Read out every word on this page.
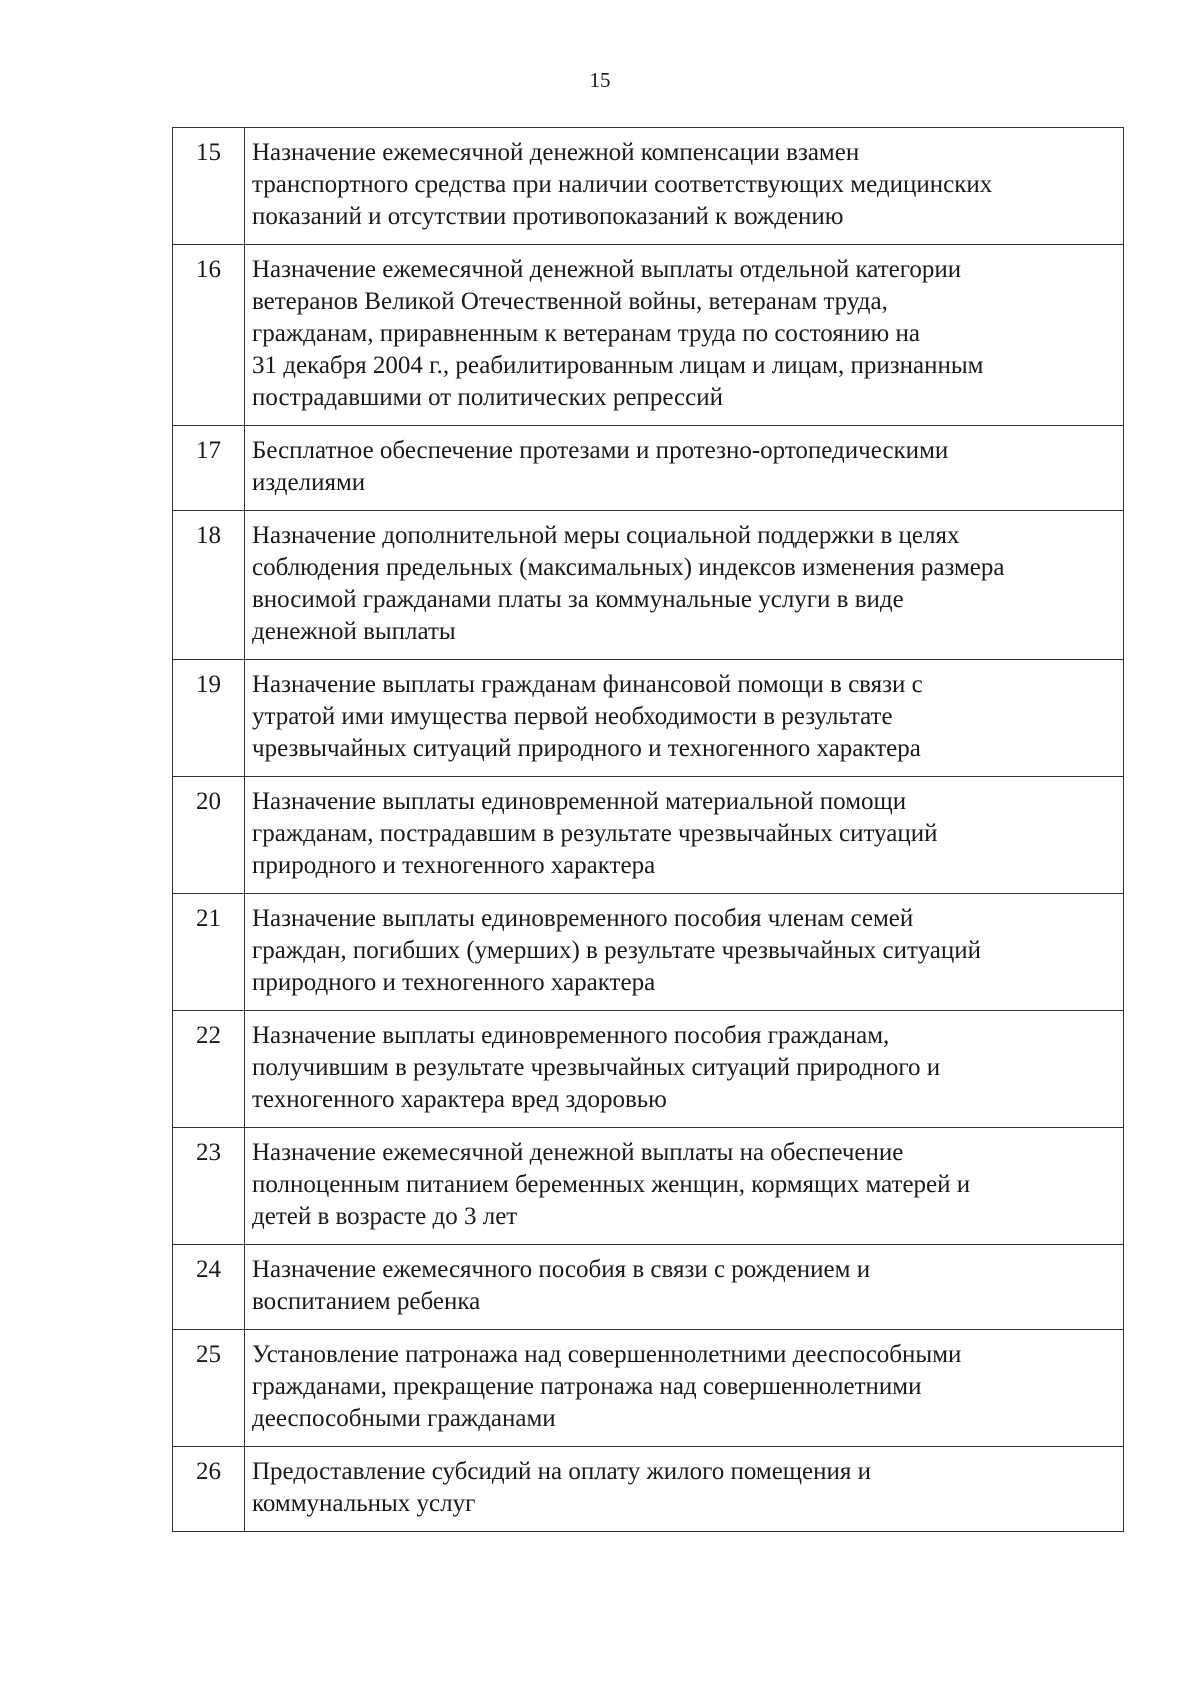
15
15	Назначение ежемесячной денежной компенсации взамен
транспортного средства при наличии соответствующих медицинских
показаний и отсутствии противопоказаний к вождению

16	Назначение ежемесячной денежной выплаты отдельной категории
ветеранов Великой Отечественной войны, ветеранам труда,
гражданам, приравненным к ветеранам труда по состоянию на
31 декабря 2004 г., реабилитированным лицам и лицам, признанным
пострадавшими от политических репрессий

17	Бесплатное обеспечение протезами и протезно-ортопедическими
изделиями

18	Назначение дополнительной меры социальной поддержки в целях
соблюдения предельных (максимальных) индексов изменения размера
вносимой гражданами платы за коммунальные услуги в виде
денежной выплаты

19	Назначение выплаты гражданам финансовой помощи в связи с
утратой ими имущества первой необходимости в результате
чрезвычайных ситуаций природного и техногенного характера

20	Назначение выплаты единовременной материальной помощи
гражданам, пострадавшим в результате чрезвычайных ситуаций
природного и техногенного характера

21	Назначение выплаты единовременного пособия членам семей
граждан, погибших (умерших) в результате чрезвычайных ситуаций
природного и техногенного характера

22	Назначение выплаты единовременного пособия гражданам,
получившим в результате чрезвычайных ситуаций природного и
техногенного характера вред здоровью

23	Назначение ежемесячной денежной выплаты на обеспечение
полноценным питанием беременных женщин, кормящих матерей и
детей в возрасте до 3 лет

24	Назначение ежемесячного пособия в связи с рождением и
воспитанием ребенка

25	Установление патронажа над совершеннолетними дееспособными
гражданами, прекращение патронажа над совершеннолетними
дееспособными гражданами

26	Предоставление субсидий на оплату жилого помещения и
коммунальных услуг
